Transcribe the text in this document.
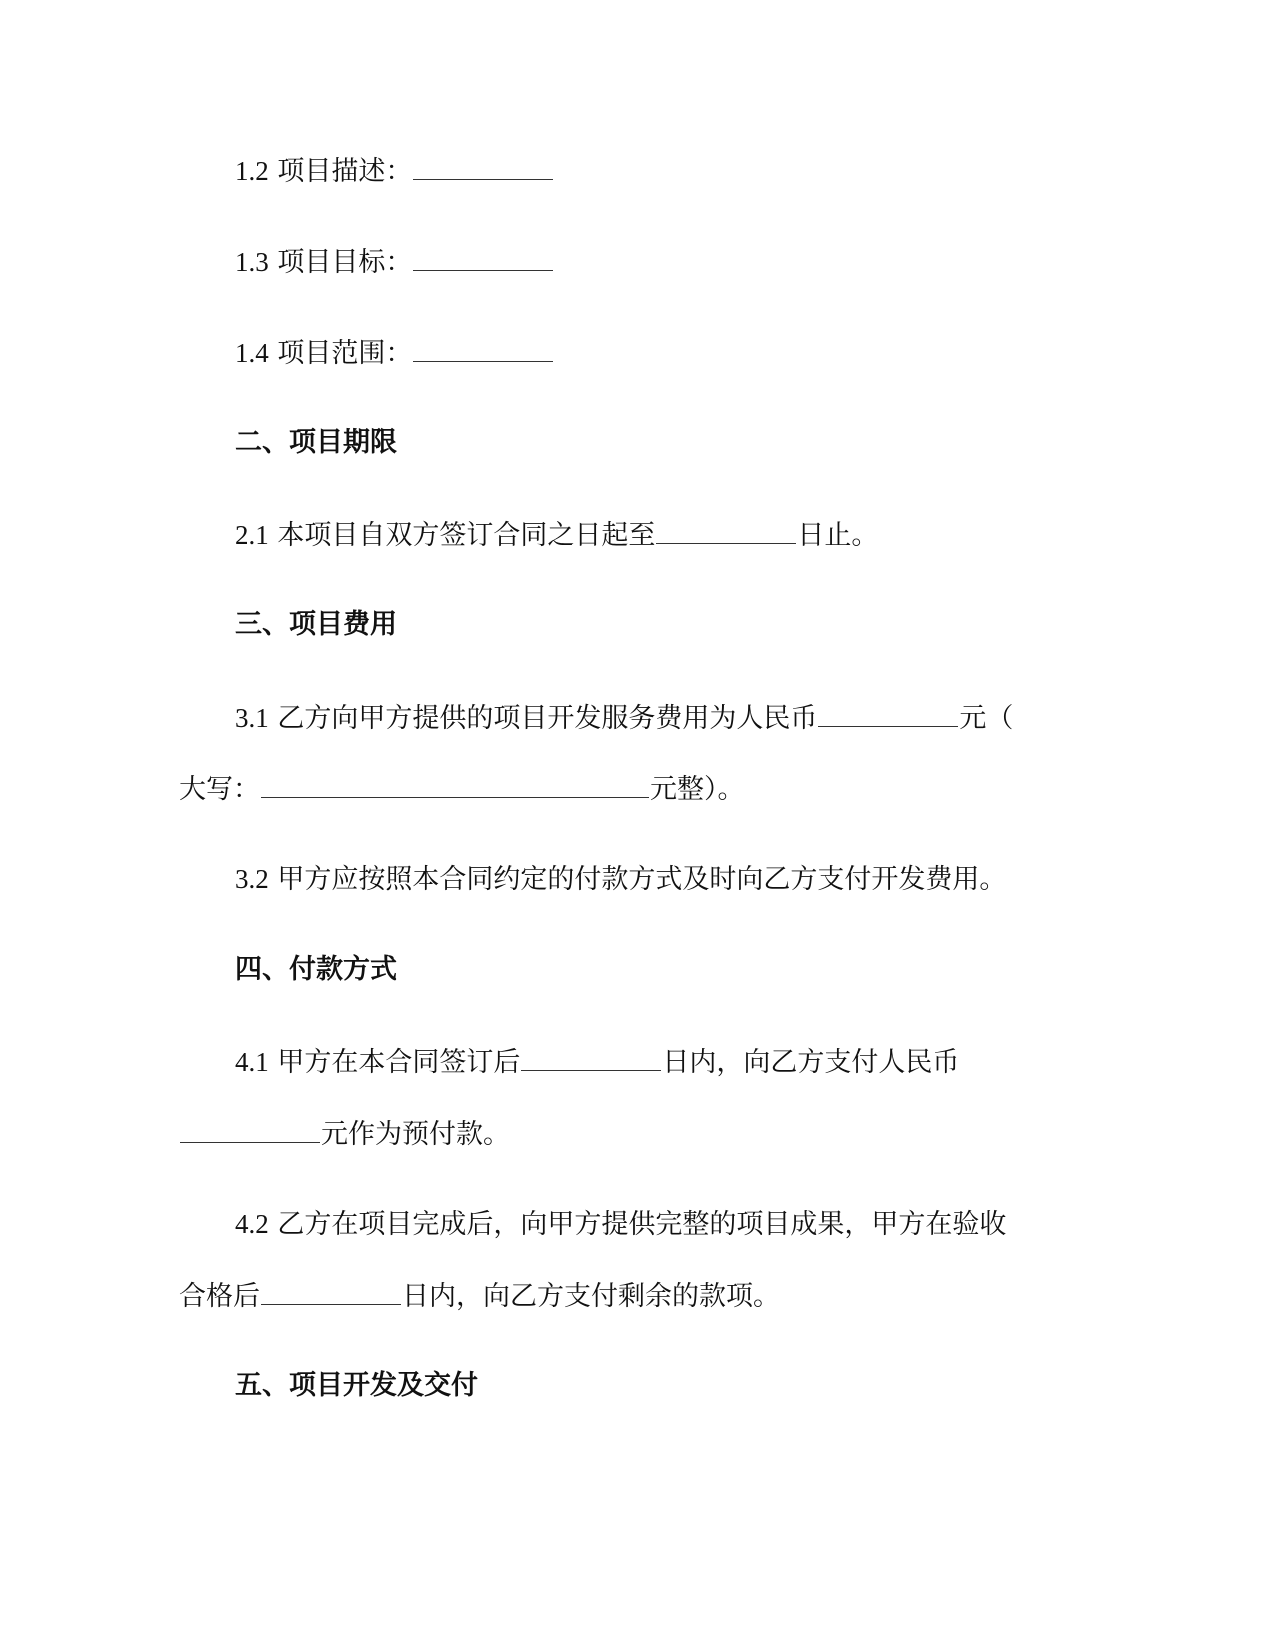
1.2 项目描述：
1.3 项目目标：
1.4 项目范围：
二、项目期限
2.1 本项目自双方签订合同之日起至	日止。
三、项目费用
3.1 乙方向甲方提供的项目开发服务费用为人民币	元（
大写：	元整）。
3.2 甲方应按照本合同约定的付款方式及时向乙方支付开发费用。
四、付款方式
4.1 甲方在本合同签订后	日内，向乙方支付人民币
元作为预付款。
4.2 乙方在项目完成后，向甲方提供完整的项目成果，甲方在验收
合格后	日内，向乙方支付剩余的款项。
五、项目开发及交付
